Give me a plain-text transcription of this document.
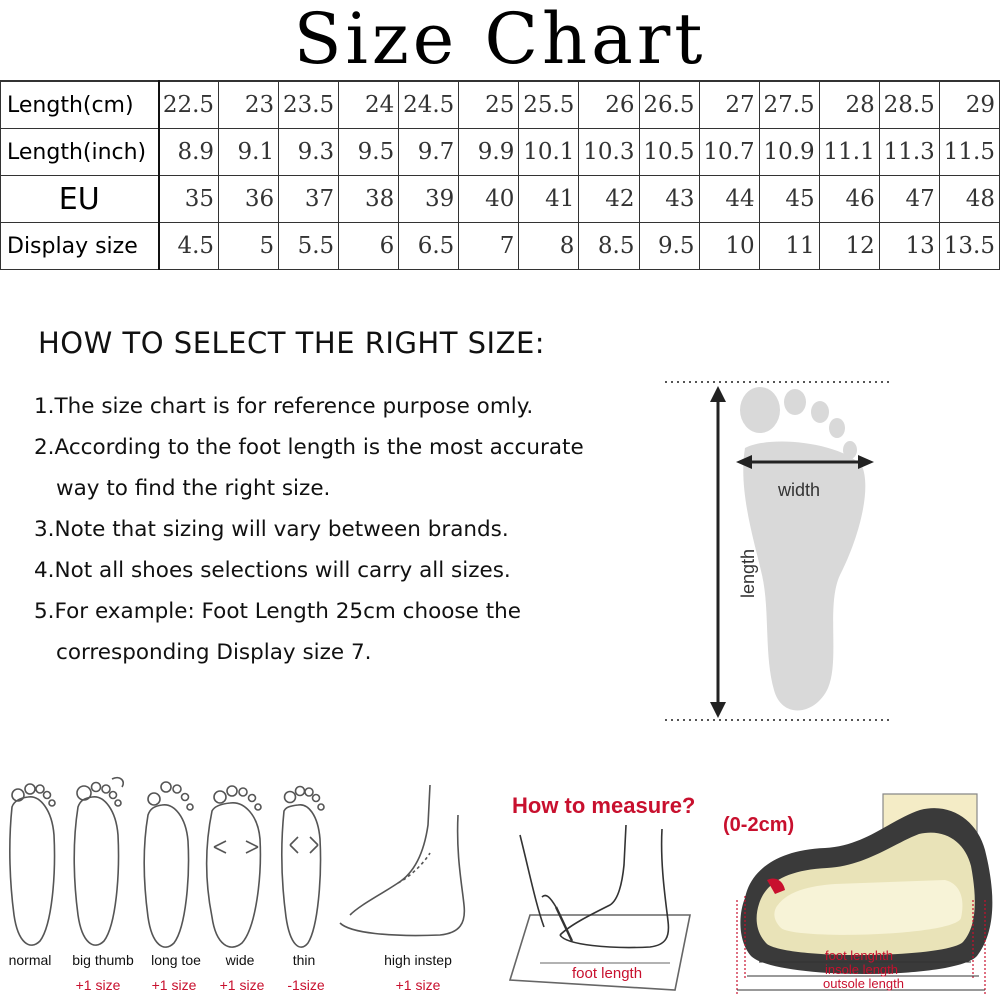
Size Chart
Length(cm)	22.5	23	23.5	24	24.5	25	25.5	26	26.5	27	27.5	28	28.5	29
Length(inch)	8.9	9.1	9.3	9.5	9.7	9.9	10.1	10.3	10.5	10.7	10.9	11.1	11.3	11.5
EU	35	36	37	38	39	40	41	42	43	44	45	46	47	48
Display size	4.5	5	5.5	6	6.5	7	8	8.5	9.5	10	11	12	13	13.5
HOW TO SELECT THE RIGHT SIZE:
1.The size chart is for reference purpose omly.
2.According to the foot length is the most accurate
way to find the right size.
3.Note that sizing will vary between brands.
4.Not all shoes selections will carry all sizes.
5.For example: Foot Length 25cm choose the
corresponding Display size 7.
width
length
normal big thumb long toe wide	thin	high instep
+1 size +1 size +1 size -1size	+1 size
How to measure?
foot length
foot lenghth
insole length
outsole length
(0-2cm)
